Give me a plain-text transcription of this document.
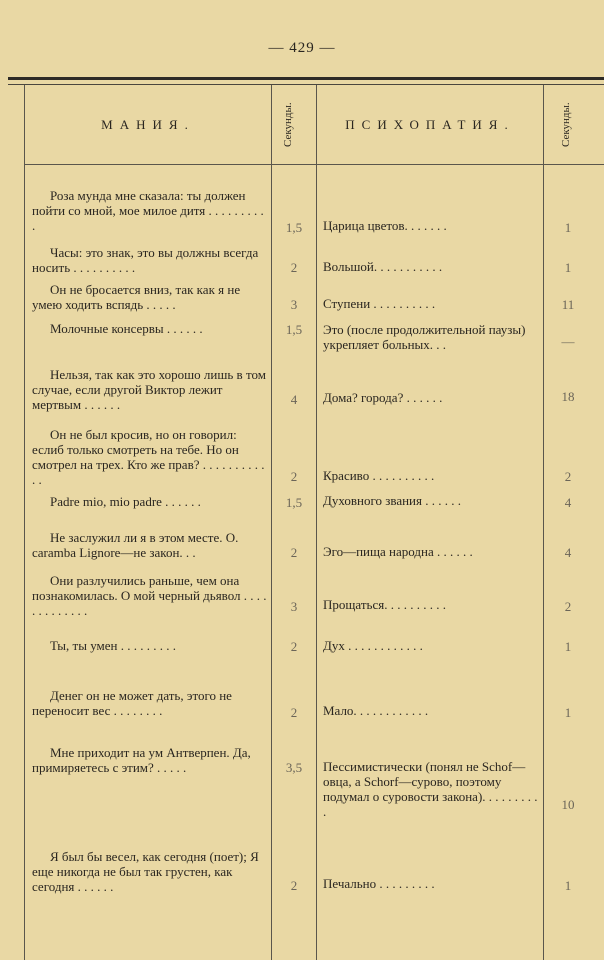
— 429 —
МАНИЯ.	Секунды.	ПСИХОПАТИЯ.	Секунды.
Роза мунда мне сказала: ты должен пойти со мной, мое милое дитя . . . . . . . . . .	1,5	Царица цветов. . . . . . .	1
Часы: это знак, это вы должны всегда носить . . . . . . . . . .	2	Вольшой. . . . . . . . . . .	1
Он не бросается вниз, так как я не умею ходить вспядь . . . . .	3	Ступени . . . . . . . . . .	11
Молочные консервы . . . . . .	1,5	Это (после продолжительной паузы) укрепляет больных. . .	—
Нельзя, так как это хорошо лишь в том случае, если другой Виктор лежит мертвым . . . . . .	4	Дома? города? . . . . . .	18
Он не был кросив, но он говорил: еслиб только смотреть на тебе. Но он смотрел на трех. Кто же прав? . . . . . . . . . . . .	2	Красиво . . . . . . . . . .	2
Padre mio, mio padre . . . . . .	1,5	Духовного звания . . . . . .	4
Не заслужил ли я в этом месте. О. caramba Lignore—не закон. . .	2	Эго—пища народна . . . . . .	4
Они разлучились раньше, чем она познакомилась. О мой черный дьявол . . . . . . . . . . . . .	3	Прощаться. . . . . . . . . .	2
Ты, ты умен . . . . . . . . .	2	Дух . . . . . . . . . . . .	1
Денег он не может дать, этого не переносит вес . . . . . . . .	2	Мало. . . . . . . . . . . .	1
Мне приходит на ум Антверпен. Да, примиряетесь с этим? . . . . .	3,5	Пессимистически (понял не Schof—овца, а Schorf—сурово, поэтому подумал о суровости закона). . . . . . . . . .	10
Я был бы весел, как сегодня (поет); Я еще никогда не был так грустен, как сегодня . . . . . .	2	Печально . . . . . . . . .	1
